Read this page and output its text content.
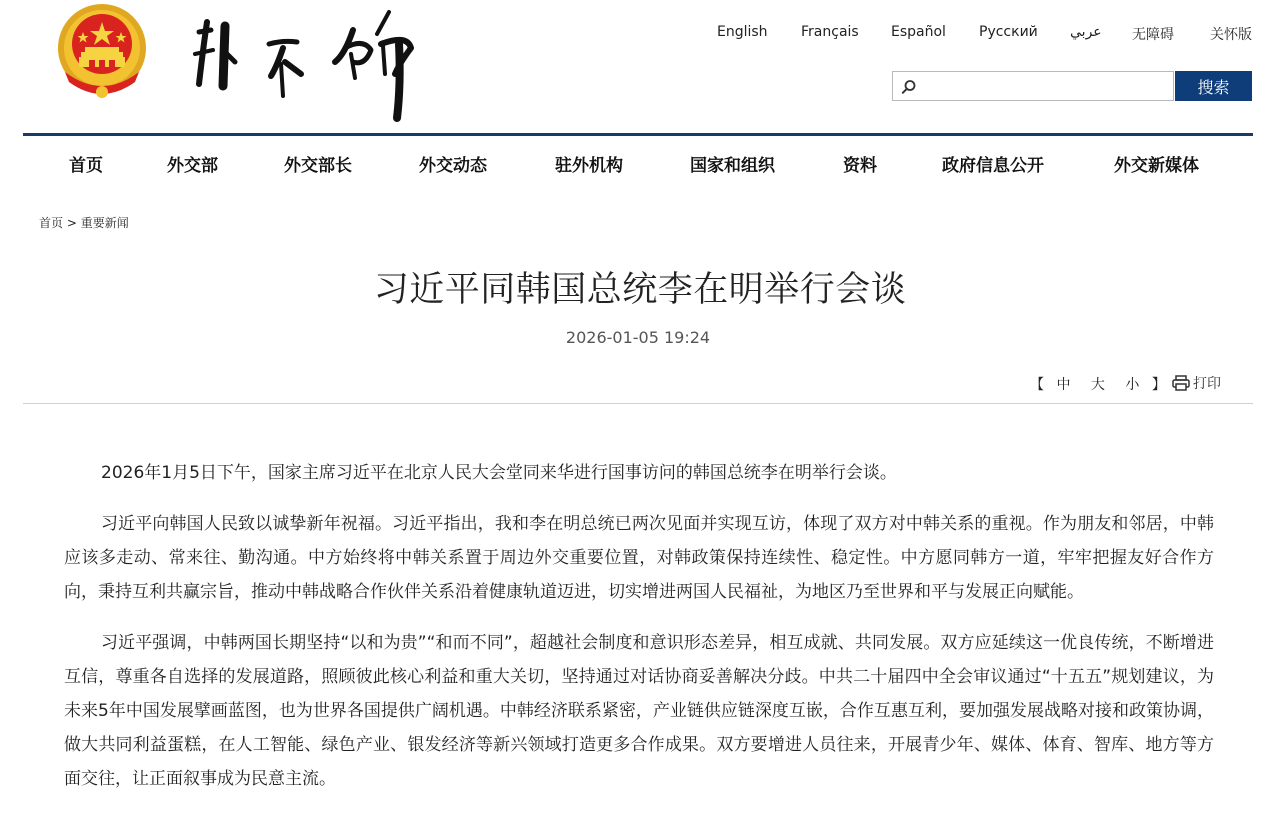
English Français Español Русский عربي 无障碍	关怀版
搜索
首页	外交部	外交部长	外交动态	驻外机构	国家和组织	资料	政府信息公开	外交新媒体
首页 > 重要新闻
习近平同韩国总统李在明举行会谈
2026-01-05 19:24
【 中 大 小 】	打印

2026年1月5日下午，国家主席习近平在北京人民大会堂同来华进行国事访问的韩国总统李在明举行会谈。

习近平向韩国人民致以诚挚新年祝福。习近平指出，我和李在明总统已两次见面并实现互访，体现了双方对中韩关系的重视。作为朋友和邻居，中韩应该多走动、常来往、勤沟通。中方始终将中韩关系置于周边外交重要位置，对韩政策保持连续性、稳定性。中方愿同韩方一道，牢牢把握友好合作方向，秉持互利共赢宗旨，推动中韩战略合作伙伴关系沿着健康轨道迈进，切实增进两国人民福祉，为地区乃至世界和平与发展正向赋能。

习近平强调，中韩两国长期坚持“以和为贵”“和而不同”，超越社会制度和意识形态差异，相互成就、共同发展。双方应延续这一优良传统，不断增进互信，尊重各自选择的发展道路，照顾彼此核心利益和重大关切，坚持通过对话协商妥善解决分歧。中共二十届四中全会审议通过“十五五”规划建议，为未来5年中国发展擘画蓝图，也为世界各国提供广阔机遇。中韩经济联系紧密，产业链供应链深度互嵌，合作互惠互利，要加强发展战略对接和政策协调，做大共同利益蛋糕，在人工智能、绿色产业、银发经济等新兴领域打造更多合作成果。双方要增进人员往来，开展青少年、媒体、体育、智库、地方等方面交往，让正面叙事成为民意主流。
